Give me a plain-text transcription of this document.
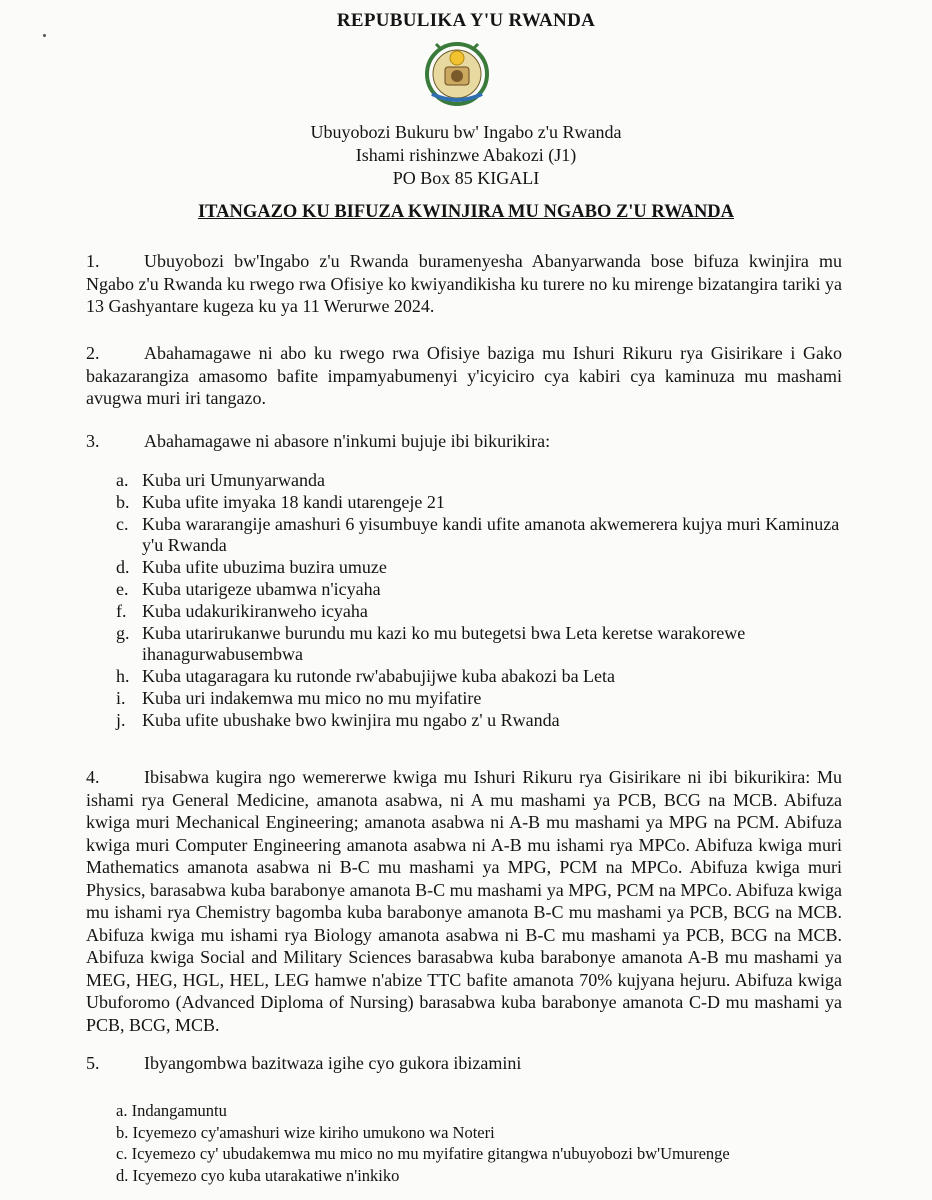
REPUBULIKA Y'U RWANDA
Ubuyobozi Bukuru bw' Ingabo z'u Rwanda
Ishami rishinzwe Abakozi (J1)
PO Box 85 KIGALI
ITANGAZO KU BIFUZA KWINJIRA MU NGABO Z'U RWANDA
1. Ubuyobozi bw'Ingabo z'u Rwanda buramenyesha Abanyarwanda bose bifuza kwinjira mu Ngabo z'u Rwanda ku rwego rwa Ofisiye ko kwiyandikisha ku turere no ku mirenge bizatangira tariki ya 13 Gashyantare kugeza ku ya 11 Werurwe 2024.
2. Abahamagawe ni abo ku rwego rwa Ofisiye baziga mu Ishuri Rikuru rya Gisirikare i Gako bakazarangiza amasomo bafite impamyabumenyi y'icyiciro cya kabiri cya kaminuza mu mashami avugwa muri iri tangazo.
3. Abahamagawe ni abasore n'inkumi bujuje ibi bikurikira:
a. Kuba uri Umunyarwanda
b. Kuba ufite imyaka 18 kandi utarengeje 21
c. Kuba wararangije amashuri 6 yisumbuye kandi ufite amanota akwemerera kujya muri Kaminuza y'u Rwanda
d. Kuba ufite ubuzima buzira umuze
e. Kuba utarigeze ubamwa n'icyaha
f. Kuba udakurikiranweho icyaha
g. Kuba utarirukanwe burundu mu kazi ko mu butegetsi bwa Leta keretse warakorewe ihanagurwabusembwa
h. Kuba utagaragara ku rutonde rw'ababujijwe kuba abakozi ba Leta
i. Kuba uri indakemwa mu mico no mu myifatire
j. Kuba ufite ubushake bwo kwinjira mu ngabo z' u Rwanda
4. Ibisabwa kugira ngo wemererwe kwiga mu Ishuri Rikuru rya Gisirikare ni ibi bikurikira: Mu ishami rya General Medicine, amanota asabwa, ni A mu mashami ya PCB, BCG na MCB. Abifuza kwiga muri Mechanical Engineering; amanota asabwa ni A-B mu mashami ya MPG na PCM. Abifuza kwiga muri Computer Engineering amanota asabwa ni A-B mu ishami rya MPCo. Abifuza kwiga muri Mathematics amanota asabwa ni B-C mu mashami ya MPG, PCM na MPCo. Abifuza kwiga muri Physics, barasabwa kuba barabonye amanota B-C mu mashami ya MPG, PCM na MPCo. Abifuza kwiga mu ishami rya Chemistry bagomba kuba barabonye amanota B-C mu mashami ya PCB, BCG na MCB. Abifuza kwiga mu ishami rya Biology amanota asabwa ni B-C mu mashami ya PCB, BCG na MCB. Abifuza kwiga Social and Military Sciences barasabwa kuba barabonye amanota A-B mu mashami ya MEG, HEG, HGL, HEL, LEG hamwe n'abize TTC bafite amanota 70% kujyana hejuru. Abifuza kwiga Ubuforomo (Advanced Diploma of Nursing) barasabwa kuba barabonye amanota C-D mu mashami ya PCB, BCG, MCB.
5. Ibyangombwa bazitwaza igihe cyo gukora ibizamini
a. Indangamuntu
b. Icyemezo cy'amashuri wize kiriho umukono wa Noteri
c. Icyemezo cy' ubudakemwa mu mico no mu myifatire gitangwa n'ubuyobozi bw'Umurenge
d. Icyemezo cyo kuba utarakatiwe n'inkiko
